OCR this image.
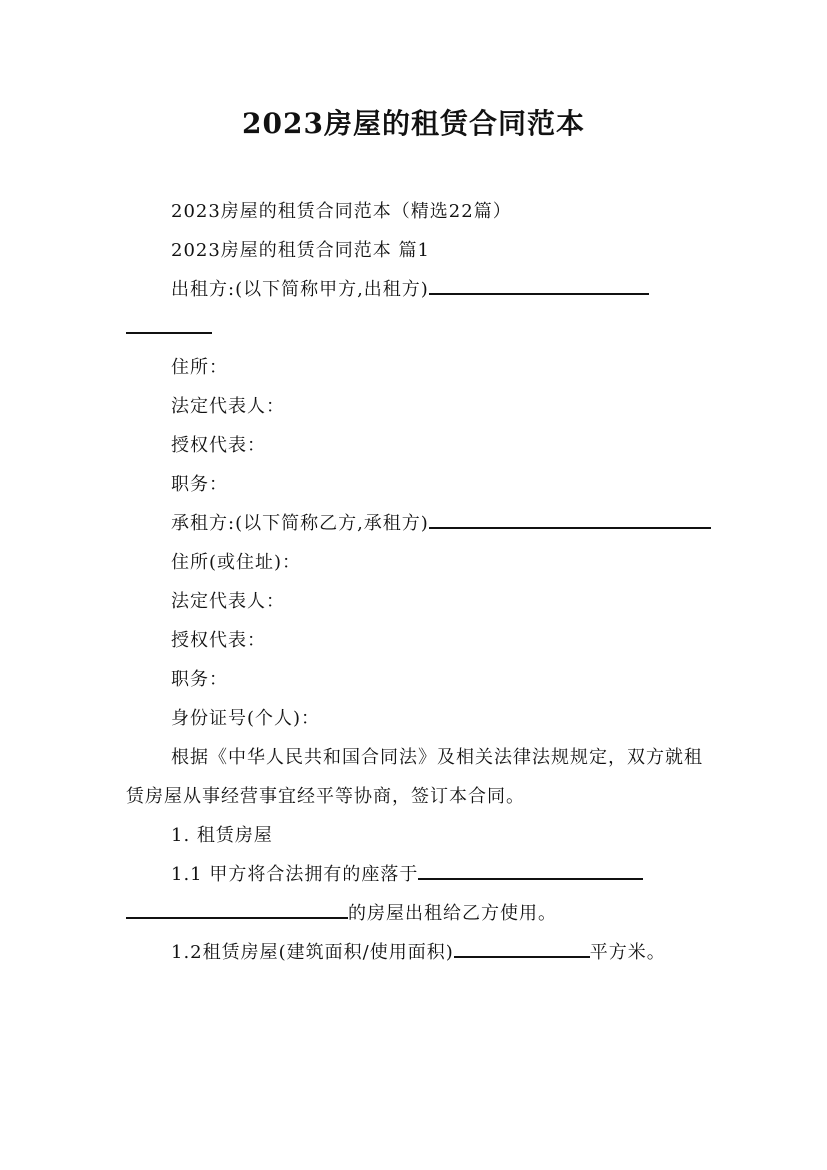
2023房屋的租赁合同范本

2023房屋的租赁合同范本（精选22篇）

2023房屋的租赁合同范本 篇1

出租方:(以下简称甲方,出租方)

住所：

法定代表人：

授权代表：

职务：

承租方:(以下简称乙方,承租方)

住所(或住址)：

法定代表人：

授权代表：

职务：

身份证号(个人)：

根据《中华人民共和国合同法》及相关法律法规规定，双方就租赁房屋从事经营事宜经平等协商，签订本合同。

1. 租赁房屋

1.1 甲方将合法拥有的座落于的房屋出租给乙方使用。

1.2租赁房屋(建筑面积/使用面积)	平方米。
